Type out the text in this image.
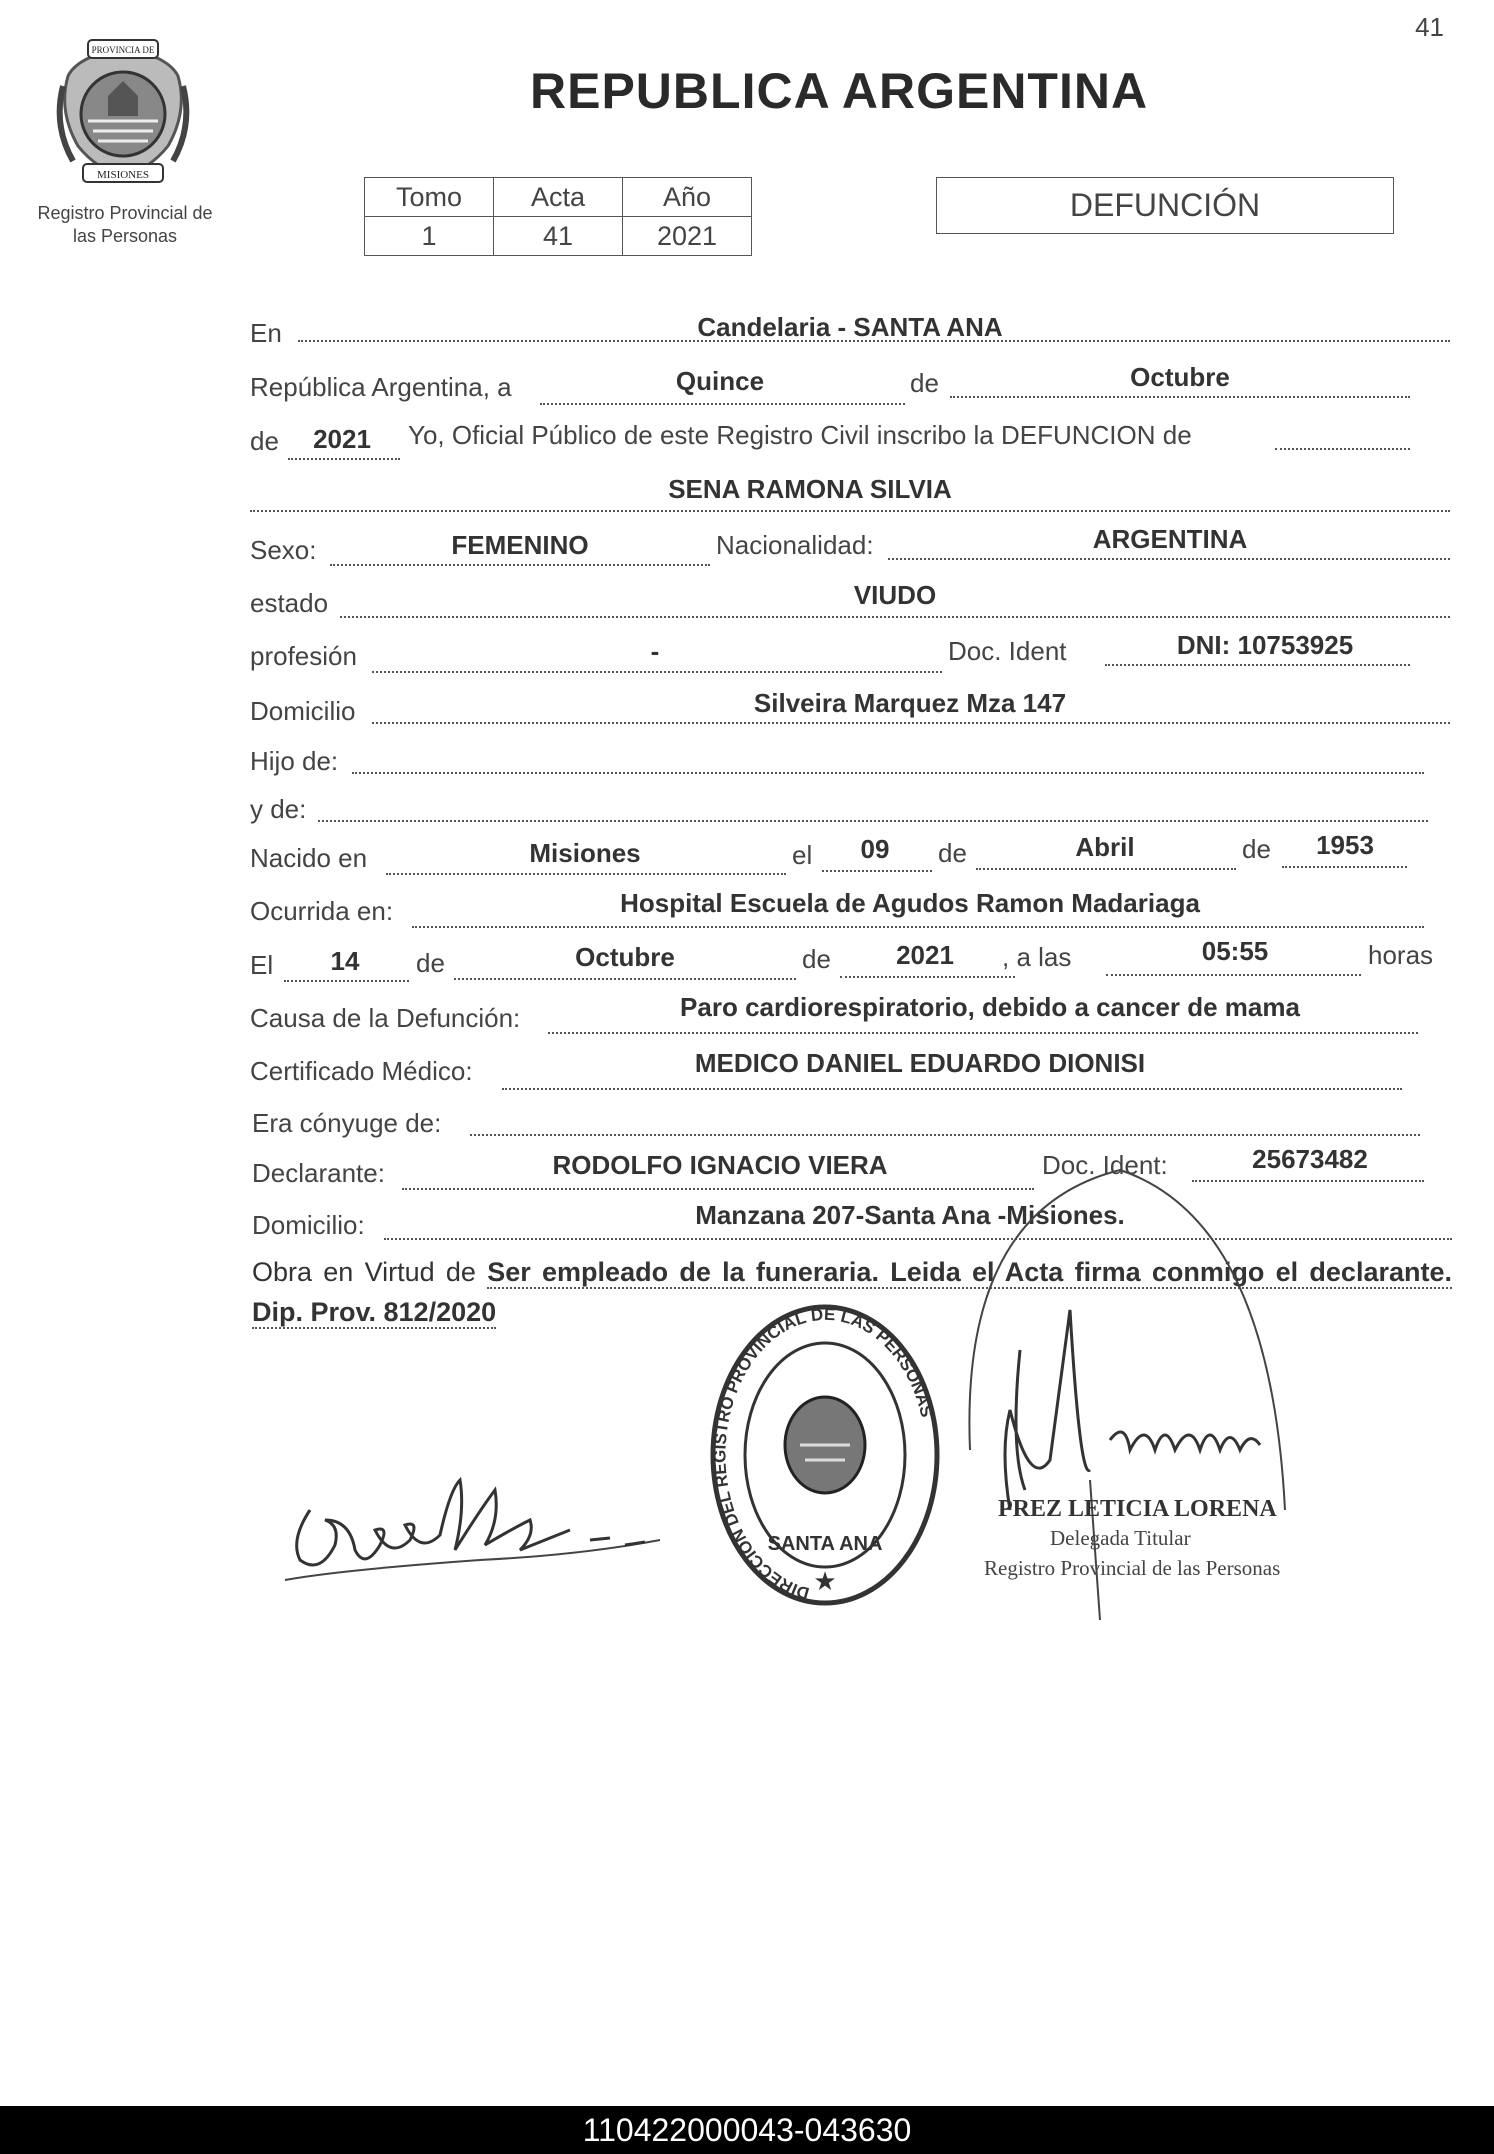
41
PROVINCIA DE
MISIONES
Registro Provincial de
las Personas
REPUBLICA ARGENTINA
Tomo	Acta	Año
1	41	2021
DEFUNCIÓN
En	Candelaria - SANTA ANA
República Argentina, a	Quince	de	Octubre
de	2021	Yo, Oficial Público de este Registro Civil inscribo la DEFUNCION de
SENA RAMONA SILVIA
Sexo:	FEMENINO	Nacionalidad:	ARGENTINA
estado	VIUDO
profesión	-	Doc. Ident	DNI: 10753925
Domicilio	Silveira Marquez Mza 147
Hijo de:
y de:
Nacido en	Misiones	el	09	de	Abril	de	1953
Ocurrida en:	Hospital Escuela de Agudos Ramon Madariaga
El	14	de	Octubre	de	2021	, a las	05:55	horas
Causa de la Defunción:	Paro cardiorespiratorio, debido a cancer de mama
Certificado Médico:	MEDICO DANIEL EDUARDO DIONISI
Era cónyuge de:
Declarante:	RODOLFO IGNACIO VIERA	Doc. Ident:	25673482
Domicilio:	Manzana 207-Santa Ana -Misiones.
Obra en Virtud de Ser empleado de la funeraria. Leida el Acta firma conmigo el declarante. Dip. Prov. 812/2020
DIRECCION DEL REGISTRO PROVINCIAL DE LAS PERSONAS
SANTA ANA
★
PREZ LETICIA LORENA
Delegada Titular
Registro Provincial de las Personas
110422000043-043630
